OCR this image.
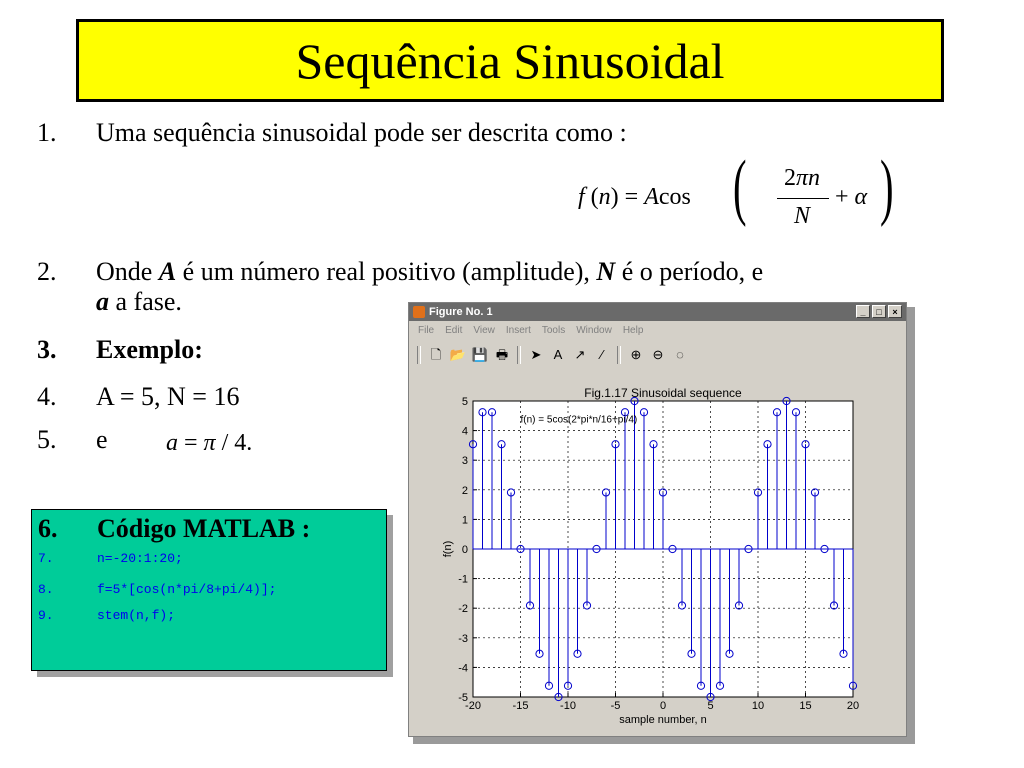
Sequência Sinusoidal
1. Uma sequência sinusoidal pode ser descrita como :
f (n) = Acos (	2πn
N
+ α )
2. Onde A é um número real positivo (amplitude), N é o período, e
a a fase.
3. Exemplo:
4. A = 5, N = 16
5. e a = π / 4.
6. Código MATLAB :
7.	n=-20:1:20;
8.	f=5*[cos(n*pi/8+pi/4)];
9.	stem(n,f);
Figure No. 1	_	□	×
File	Edit	View	Insert	Tools	Window	Help
🗋 📂 💾 🖶 ➤ A ↗	⁄	⊕ ⊖ ◌
-20	-15	-10	-5	0	5	10	15	20
-5
-4
-3
-2
-1
0
1
2
3
4
5
Fig.1.17 Sinusoidal sequence
sample number, n
f(n)
f(n) = 5cos(2*pi*n/16+pi/4)
